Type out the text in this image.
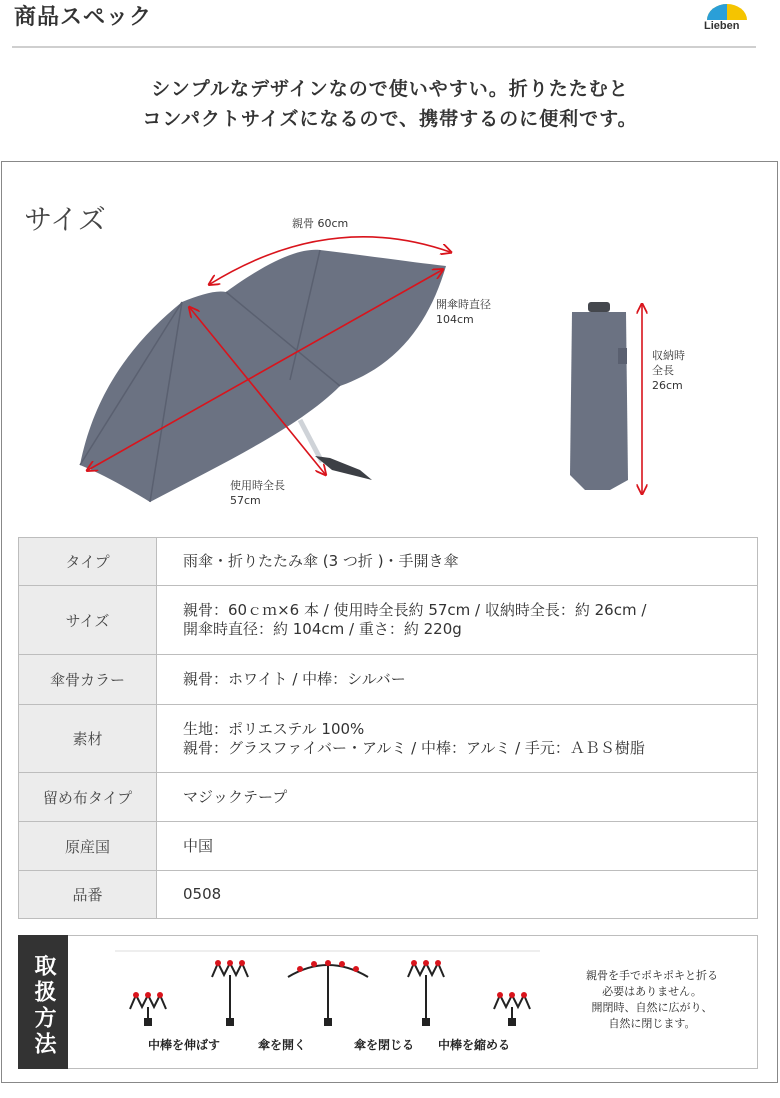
商品スペック	Lieben
シンプルなデザインなので使いやすい。折りたたむと
コンパクトサイズになるので、携帯するのに便利です。
サイズ	親骨 60cm
開傘時直径
104cm
使用時全長
57cm
収納時
全長
26cm
タイプ	雨傘・折りたたみ傘 (3 つ折 )・手開き傘

サイズ	親骨：60ｃｍ×6 本 / 使用時全長約 57cm / 収納時全長：約 26cm /
開傘時直径：約 104cm / 重さ：約 220g

傘骨カラー	親骨：ホワイト / 中棒：シルバー

素材	生地：ポリエステル 100%
親骨：グラスファイバー・アルミ / 中棒：アルミ / 手元：ＡＢＳ樹脂

留め布タイプ	マジックテープ

原産国	中国

品番	0508
取扱方法	中棒を伸ばす	傘を開く	傘を閉じる 中棒を縮める
親骨を手でポキポキと折る
必要はありません。
開閉時、自然に広がり、
自然に閉じます。
